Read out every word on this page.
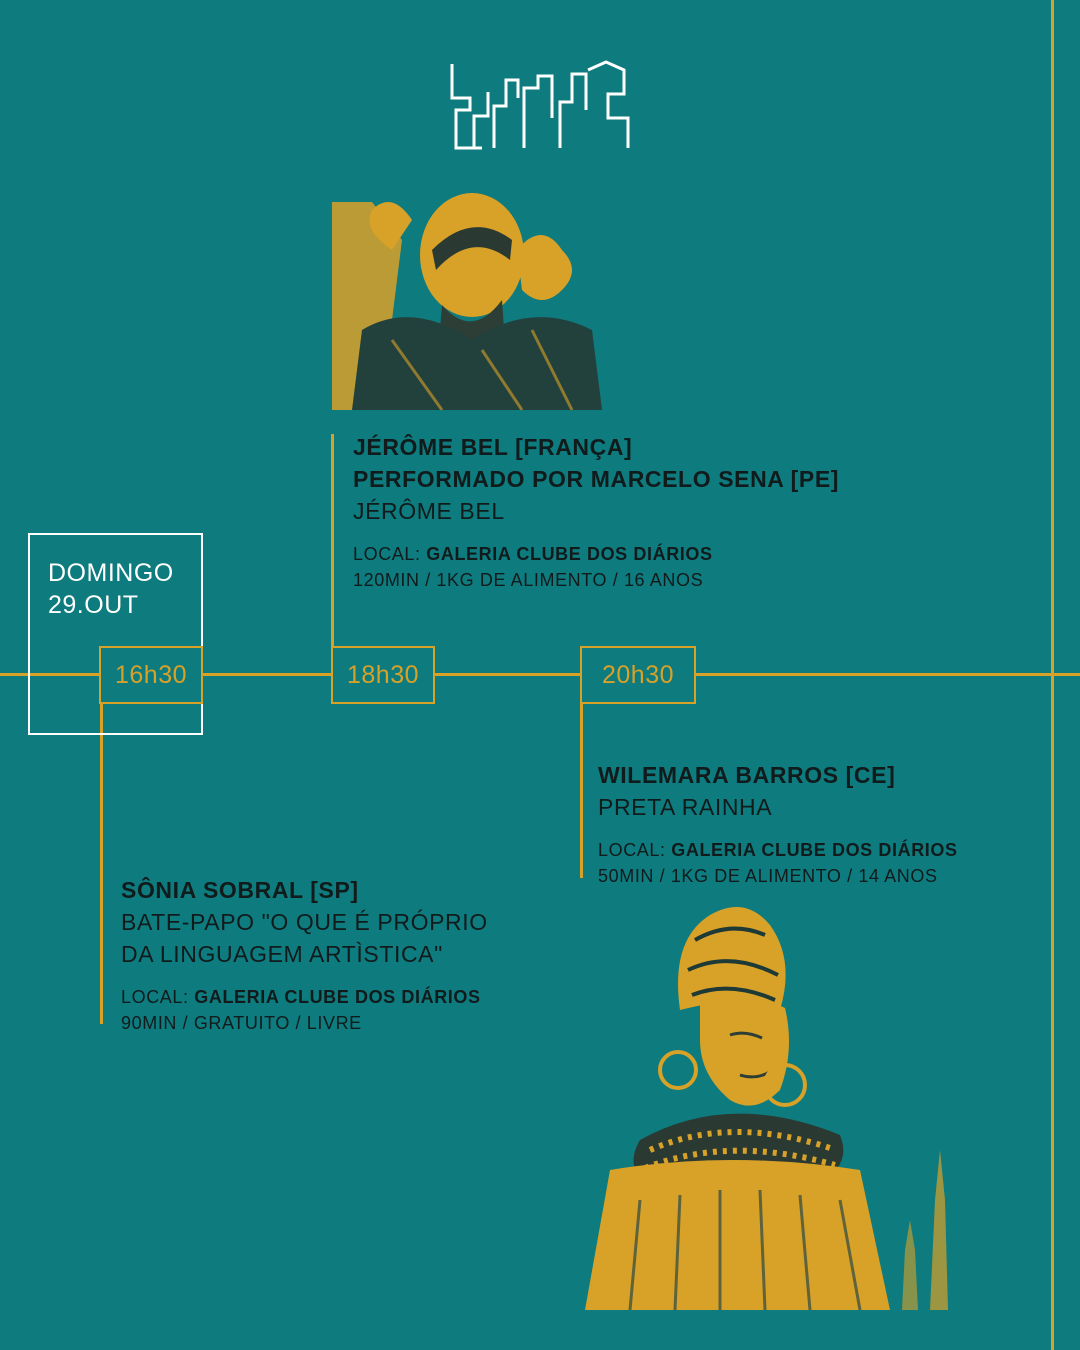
DOMINGO
29.OUT
16h30	18h30	20h30
JÉRÔME BEL [FRANÇA]
PERFORMADO POR MARCELO SENA [PE]
JÉRÔME BEL
LOCAL: GALERIA CLUBE DOS DIÁRIOS
120MIN / 1KG DE ALIMENTO / 16 ANOS
WILEMARA BARROS [CE]
PRETA RAINHA
LOCAL: GALERIA CLUBE DOS DIÁRIOS
50MIN / 1KG DE ALIMENTO / 14 ANOS
SÔNIA SOBRAL [SP]
BATE-PAPO "O QUE É PRÓPRIO
DA LINGUAGEM ARTÌSTICA"
LOCAL: GALERIA CLUBE DOS DIÁRIOS
90MIN / GRATUITO / LIVRE
